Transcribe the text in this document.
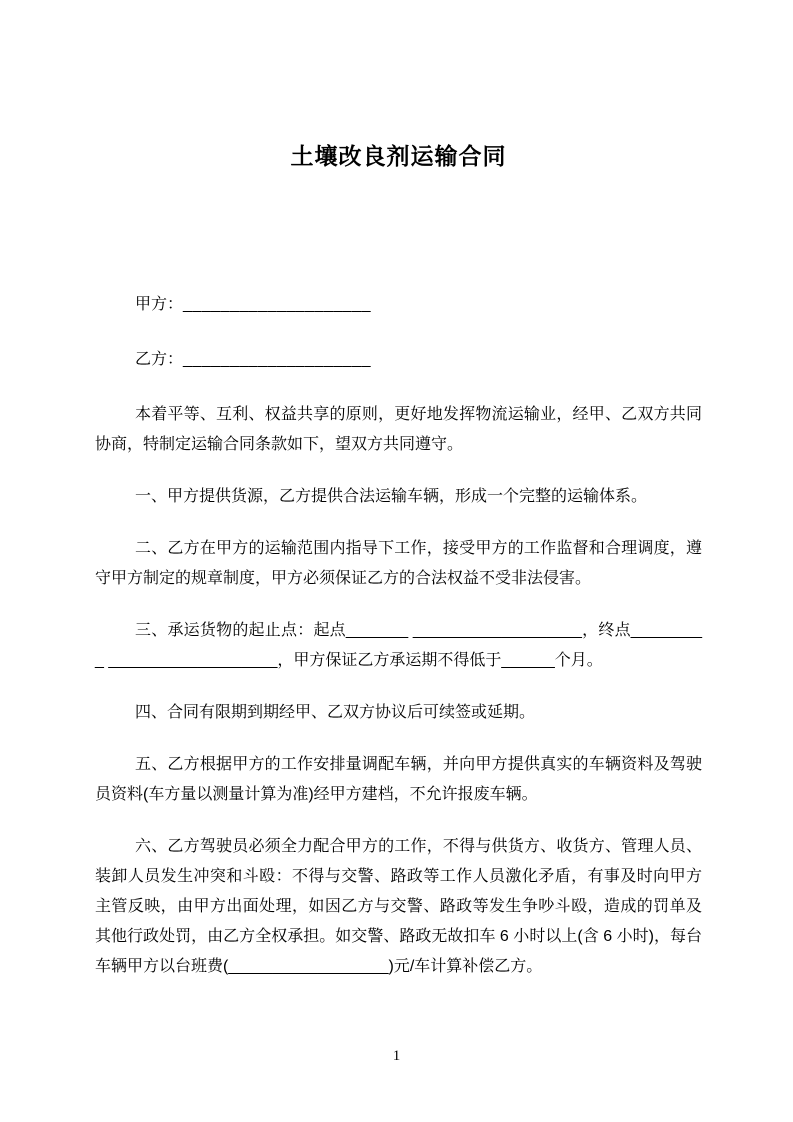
土壤改良剂运输合同
甲方：____________________
乙方：____________________

本着平等、互利、权益共享的原则，更好地发挥物流运输业，经甲、乙双方共同协商，特制定运输合同条款如下，望双方共同遵守。

一、甲方提供货源，乙方提供合法运输车辆，形成一个完整的运输体系。

二、乙方在甲方的运输范围内指导下工作，接受甲方的工作监督和合理调度，遵守甲方制定的规章制度，甲方必须保证乙方的合法权益不受非法侵害。

三、承运货物的起止点：起点_______ ___________________，终点_________ ___________________，甲方保证乙方承运期不得低于______个月。

四、合同有限期到期经甲、乙双方协议后可续签或延期。

五、乙方根据甲方的工作安排量调配车辆，并向甲方提供真实的车辆资料及驾驶员资料(车方量以测量计算为准)经甲方建档，不允许报废车辆。

六、乙方驾驶员必须全力配合甲方的工作，不得与供货方、收货方、管理人员、装卸人员发生冲突和斗殴：不得与交警、路政等工作人员激化矛盾，有事及时向甲方主管反映，由甲方出面处理，如因乙方与交警、路政等发生争吵斗殴，造成的罚单及其他行政处罚，由乙方全权承担。如交警、路政无故扣车 6 小时以上(含 6 小时)，每台车辆甲方以台班费(__________________)元/车计算补偿乙方。

1
